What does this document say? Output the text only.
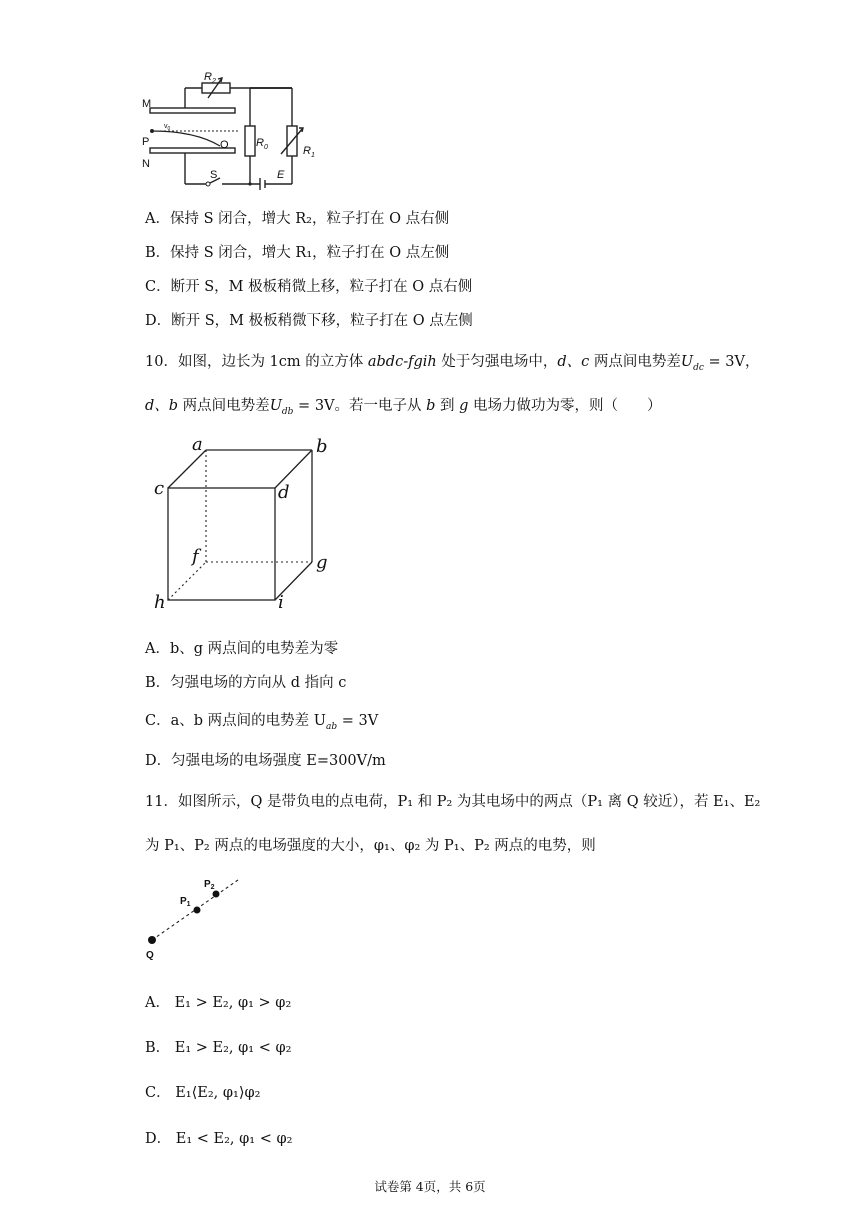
M
P
N
O
$v_0$
$R_2$
$R_0$	$R_1$
S	E
A．保持 S 闭合，增大 R₂，粒子打在 O 点右侧
B．保持 S 闭合，增大 R₁，粒子打在 O 点左侧
C．断开 S，M 极板稍微上移，粒子打在 O 点右侧
D．断开 S，M 极板稍微下移，粒子打在 O 点左侧
10．如图，边长为 1cm 的立方体 abdc-fgih 处于匀强电场中，d、c 两点间电势差$U_{dc} = 3V$，
d、b 两点间电势差$U_{db} = 3V$。若一电子从 b 到 g 电场力做功为零，则（　　）
a	b
c	d
f	g
h	i
A．b、g 两点间的电势差为零
B．匀强电场的方向从 d 指向 c
C．a、b 两点间的电势差 $U_{ab} = 3V$
D．匀强电场的电场强度 E=300V/m
11．如图所示，Q 是带负电的点电荷，P₁ 和 P₂ 为其电场中的两点（P₁ 离 Q 较近），若 E₁、E₂
为 P₁、P₂ 两点的电场强度的大小，φ₁、φ₂ 为 P₁、P₂ 两点的电势，则
Q
$P_1$
$P_2$
A． E₁ > E₂, φ₁ > φ₂
B． E₁ > E₂, φ₁ < φ₂
C． E₁⟨E₂, φ₁⟩φ₂
D． E₁ < E₂, φ₁ < φ₂
试卷第 4页，共 6页
